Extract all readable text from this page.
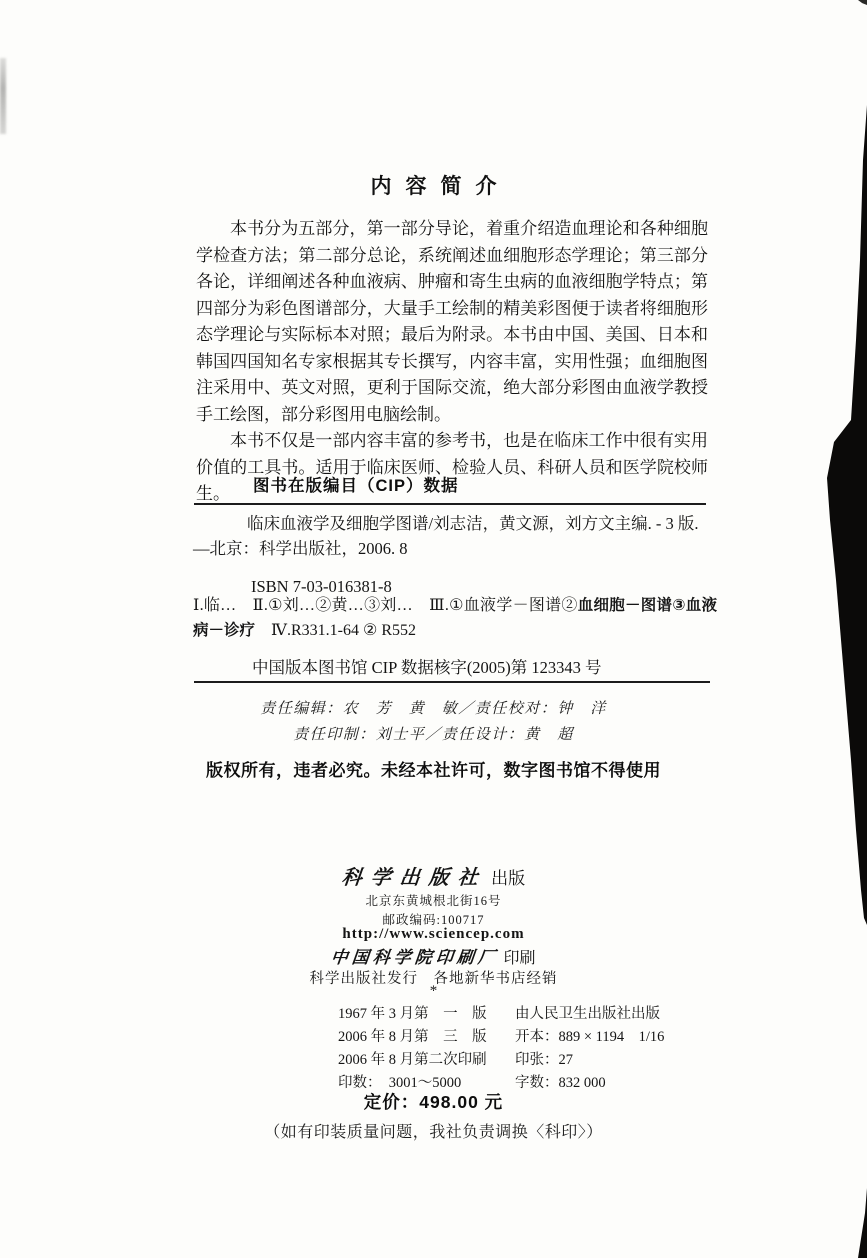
内容简介

本书分为五部分，第一部分导论，着重介绍造血理论和各种细胞学检查方法；第二部分总论，系统阐述血细胞形态学理论；第三部分各论，详细阐述各种血液病、肿瘤和寄生虫病的血液细胞学特点；第四部分为彩色图谱部分，大量手工绘制的精美彩图便于读者将细胞形态学理论与实际标本对照；最后为附录。本书由中国、美国、日本和韩国四国知名专家根据其专长撰写，内容丰富，实用性强；血细胞图注采用中、英文对照，更利于国际交流，绝大部分彩图由血液学教授手工绘图，部分彩图用电脑绘制。

本书不仅是一部内容丰富的参考书，也是在临床工作中很有实用价值的工具书。适用于临床医师、检验人员、科研人员和医学院校师生。	图书在版编目（CIP）数据
临床血液学及细胞学图谱/刘志洁，黄文源，刘方文主编. - 3 版.
—北京：科学出版社，2006. 8
ISBN 7-03-016381-8
Ⅰ.临…　Ⅱ.①刘…②黄…③刘…　Ⅲ.①血液学－图谱②血细胞－图谱③血液病－诊疗　Ⅳ.R331.1-64 ② R552
中国版本图书馆 CIP 数据核字(2005)第 123343 号
责任编辑：农　芳　黄　敏／责任校对：钟　洋
责任印制：刘士平／责任设计：黄　超
版权所有，违者必究。未经本社许可，数字图书馆不得使用
科学出版社 出版
北京东黄城根北街16号
邮政编码:100717
http://www.sciencep.com
中国科学院印刷厂 印刷
科学出版社发行　各地新华书店经销
*
1967 年 3 月第　一　版
2006 年 8 月第　三　版
2006 年 8 月第二次印刷
印数：　3001～5000
由人民卫生出版社出版
开本：889 × 1194　1/16
印张：27
字数：832 000
定价：498.00 元
（如有印装质量问题，我社负责调换〈科印〉）
